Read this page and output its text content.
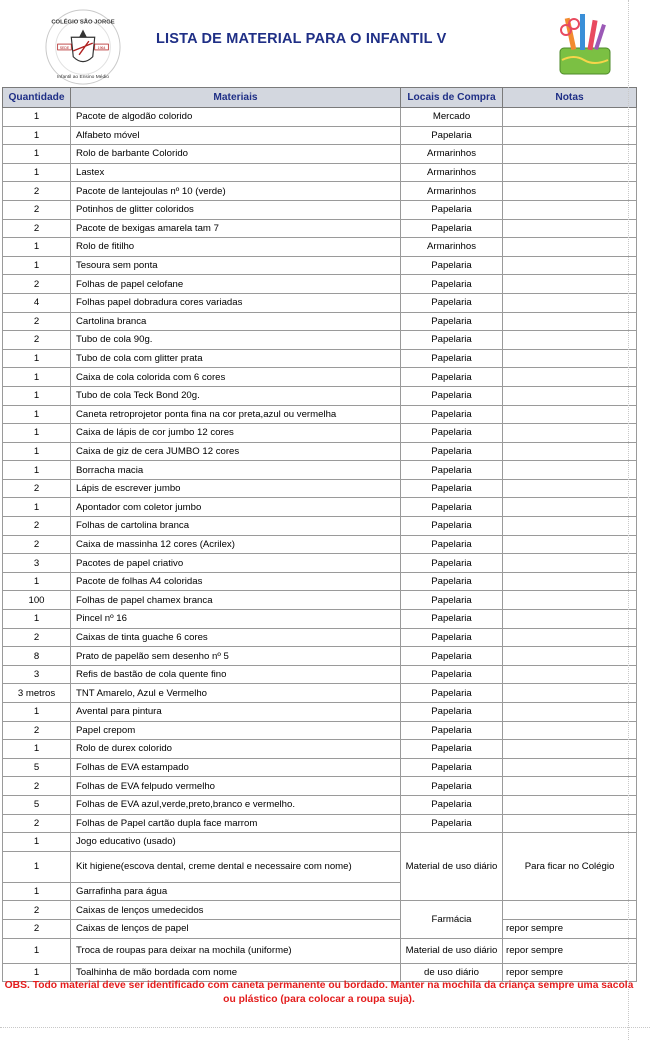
COLÉGIO SÃO JORGE
Infantil ao Ensino Médio
SEDE	1964
LISTA DE MATERIAL PARA O INFANTIL V
Quantidade	Materiais	Locais de Compra	Notas
1	Pacote de algodão colorido	Mercado	
1	Alfabeto móvel	Papelaria	
1	Rolo de barbante Colorido	Armarinhos	
1	Lastex	Armarinhos	
2	Pacote de lantejoulas nº 10 (verde)	Armarinhos	
2	Potinhos de glitter coloridos	Papelaria	
2	Pacote de bexigas amarela tam 7	Papelaria	
1	Rolo de fitilho	Armarinhos	
1	Tesoura sem ponta	Papelaria	
2	Folhas de papel celofane	Papelaria	
4	Folhas papel dobradura cores variadas	Papelaria	
2	Cartolina branca	Papelaria	
2	Tubo de cola 90g.	Papelaria	
1	Tubo de cola com glitter prata	Papelaria	
1	Caixa de cola colorida com 6 cores	Papelaria	
1	Tubo de cola Teck Bond 20g.	Papelaria	
1	Caneta retroprojetor ponta fina na cor preta,azul ou vermelha	Papelaria	
1	Caixa de lápis de cor jumbo 12 cores	Papelaria	
1	Caixa de giz de cera JUMBO 12 cores	Papelaria	
1	Borracha macia	Papelaria	
2	Lápis de escrever jumbo	Papelaria	
1	Apontador com coletor jumbo	Papelaria	
2	Folhas de cartolina branca	Papelaria	
2	Caixa de massinha 12 cores (Acrilex)	Papelaria	
3	Pacotes de papel criativo	Papelaria	
1	Pacote de folhas A4 coloridas	Papelaria	
100	Folhas de papel chamex branca	Papelaria	
1	Pincel nº 16	Papelaria	
2	Caixas de tinta guache 6 cores	Papelaria	
8	Prato de papelão sem desenho nº 5	Papelaria	
3	Refis de bastão de cola quente fino	Papelaria	
3 metros	TNT Amarelo, Azul e Vermelho	Papelaria	
1	Avental para pintura	Papelaria	
2	Papel crepom	Papelaria	
1	Rolo de durex colorido	Papelaria	
5	Folhas de EVA estampado	Papelaria	
2	Folhas de EVA felpudo vermelho	Papelaria	
5	Folhas de EVA azul,verde,preto,branco e vermelho.	Papelaria	
2	Folhas de Papel cartão dupla face marrom	Papelaria	
1	Jogo educativo (usado)	Material de uso diário	Para ficar no Colégio
1	Kit higiene(escova dental, creme dental e necessaire com nome)		
1	Garrafinha para água		
2	Caixas de lenços umedecidos	Farmácia	
2	Caixas de lenços de papel		repor sempre
1	Troca de roupas para deixar na mochila (uniforme)	Material de uso diário	repor sempre
1	Toalhinha de mão bordada com nome	de uso diário	repor sempre
OBS. Todo material deve ser identificado com caneta permanente ou bordado. Manter na mochila da criança sempre uma sacola ou plástico (para colocar a roupa suja).
